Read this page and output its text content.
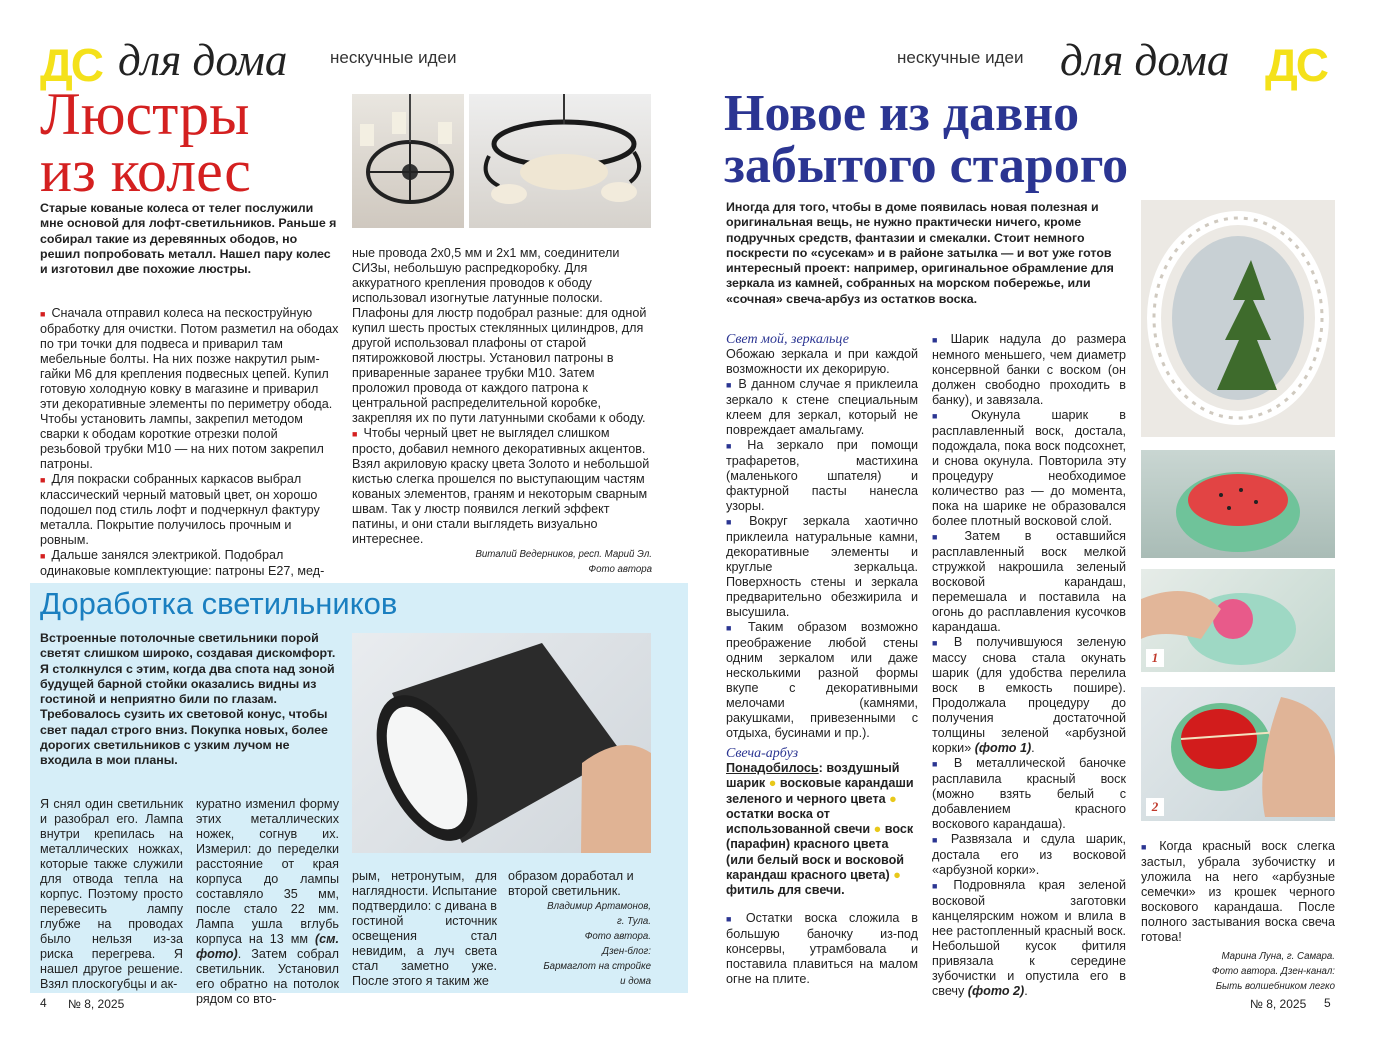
ДС для дома	нескучные идеи
Люстры
из колес
Старые кованые колеса от телег послужили мне основой для лофт-светильников. Раньше я собирал такие из деревянных ободов, но решил попробовать металл. Нашел пару колес и изготовил две похожие люстры.

■ Сначала отправил колеса на пескоструйную обработку для очистки. Потом разметил на ободах по три точки для подвеса и приварил там мебельные болты. На них позже накрутил рым-гайки М6 для крепления подвесных цепей. Купил готовую холодную ковку в магазине и приварил эти декоративные элементы по периметру обода. Чтобы установить лампы, закрепил методом сварки к ободам короткие отрезки полой резьбовой трубки М10 — на них потом закрепил патроны.

■ Для покраски собранных каркасов выбрал классический черный матовый цвет, он хорошо подошел под стиль лофт и подчеркнул фактуру металла. Покрытие получилось прочным и ровным.

■ Дальше занялся электрикой. Подобрал одинаковые комплектующие: патроны Е27, мед-

ные провода 2х0,5 мм и 2х1 мм, соединители СИЗы, небольшую распредкоробку. Для аккуратного крепления проводов к ободу использовал изогнутые латунные полоски. Плафоны для люстр подобрал разные: для одной купил шесть простых стеклянных цилиндров, для другой использовал плафоны от старой пятирожковой люстры. Установил патроны в приваренные заранее трубки М10. Затем проложил провода от каждого патрона к центральной распределительной коробке, закрепляя их по пути латунными скобами к ободу.

■ Чтобы черный цвет не выглядел слишком просто, добавил немного декоративных акцентов. Взял акриловую краску цвета Золото и небольшой кистью слегка прошелся по выступающим частям кованых элементов, граням и некоторым сварным швам. Так у люстр появился легкий эффект патины, и они стали выглядеть визуально интереснее.

Виталий Ведерников, респ. Марий Эл.
Фото автора
Доработка светильников
Встроенные потолочные светильники порой светят слишком широко, создавая дискомфорт. Я столкнулся с этим, когда два спота над зоной будущей барной стойки оказались видны из гостиной и неприятно били по глазам. Требовалось сузить их световой конус, чтобы свет падал строго вниз. Покупка новых, более дорогих светильников с узким лучом не входила в мои планы.
Я снял один светильник и разобрал его. Лампа внутри крепилась на металлических ножках, которые также служили для отвода тепла на корпус. Поэтому просто перевесить лампу глубже на проводах было нельзя из-за риска перегрева. Я нашел другое решение. Взял плоскогубцы и ак-
куратно изменил форму этих металлических ножек, согнув их. Измерил: до переделки расстояние от края корпуса до лампы составляло 35 мм, после стало 22 мм. Лампа ушла вглубь корпуса на 13 мм (см. фото). Затем собрал светильник. Установил его обратно на потолок рядом со вто-
рым, нетронутым, для наглядности. Испытание подтвердило: с дивана в гостиной источник освещения стал невидим, а луч света стал заметно уже. После этого я таким же

образом доработал и второй светильник.

Владимир Артамонов,
г. Тула.
Фото автора.
Дзен-блог:
Бармаглот на стройке
и дома
4 № 8, 2025
нескучные идеи для дома ДС
Новое из давно
забытого старого
Иногда для того, чтобы в доме появилась новая полезная и оригинальная вещь, не нужно практически ничего, кроме подручных средств, фантазии и смекалки. Стоит немного поскрести по «сусекам» и в районе затылка — и вот уже готов интересный проект: например, оригинальное обрамление для зеркала из камней, собранных на морском побережье, или «сочная» свеча-арбуз из остатков воска.
1
2
Свет мой, зеркальце

Обожаю зеркала и при каждой возможности их декорирую.

■ В данном случае я приклеила зеркало к стене специальным клеем для зеркал, который не повреждает амальгаму.

■ На зеркало при помощи трафаретов, мастихина (маленького шпателя) и фактурной пасты нанесла узоры.

■ Вокруг зеркала хаотично приклеила натуральные камни, декоративные элементы и круглые зеркальца. Поверхность стены и зеркала предварительно обезжирила и высушила.

■ Таким образом возможно преображение любой стены одним зеркалом или даже несколькими разной формы вкупе с декоративными мелочами (камнями, ракушками, привезенными с отдыха, бусинами и пр.).

Свеча-арбуз

Понадобилось: воздушный шарик ● восковые карандаши зеленого и черного цвета ● остатки воска от использованной свечи ● воск (парафин) красного цвета (или белый воск и восковой карандаш красного цвета) ● фитиль для свечи.

■ Остатки воска сложила в большую баночку из-под консервы, утрамбовала и поставила плавиться на малом огне на плите.

■ Шарик надула до размера немного меньшего, чем диаметр консервной банки с воском (он должен свободно проходить в банку), и завязала.

■ Окунула шарик в расплавленный воск, достала, подождала, пока воск подсохнет, и снова окунула. Повторила эту процедуру необходимое количество раз — до момента, пока на шарике не образовался более плотный восковой слой.

■ Затем в оставшийся расплавленный воск мелкой стружкой накрошила зеленый восковой карандаш, перемешала и поставила на огонь до расплавления кусочков карандаша.

■ В получившуюся зеленую массу снова стала окунать шарик (для удобства перелила воск в емкость пошире). Продолжала процедуру до получения достаточной толщины зеленой «арбузной корки» (фото 1).

■ В металлической баночке расплавила красный воск (можно взять белый с добавлением красного воскового карандаша).

■ Развязала и сдула шарик, достала его из восковой «арбузной корки».

■ Подровняла края зеленой восковой заготовки канцелярским ножом и влила в нее растопленный красный воск. Небольшой кусок фитиля привязала к середине зубочистки и опустила его в свечу (фото 2).

■ Когда красный воск слегка застыл, убрала зубочистку и уложила на него «арбузные семечки» из крошек черного воскового карандаша. После полного застывания воска свеча готова!

Марина Луна, г. Самара.
Фото автора. Дзен-канал:
Быть волшебником легко
№ 8, 2025 5
